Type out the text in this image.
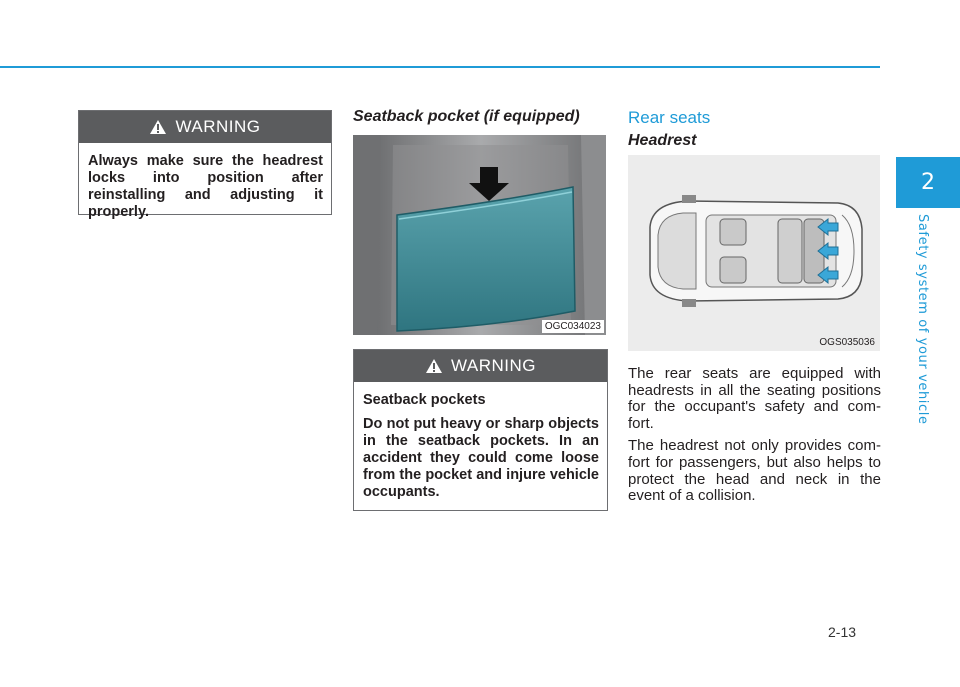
2
Safety system of your vehicle
WARNING

Always make sure the headrest locks into position after reinstalling and adjusting it properly.

Seatback pocket (if equipped)
OGC034023
WARNING

Seatback pockets

Do not put heavy or sharp objects in the seatback pockets. In an accident they could come loose from the pocket and injure vehicle occupants.

Rear seats
Headrest
OGS035036

The rear seats are equipped with headrests in all the seating positions for the occupant's safety and com-fort.

The headrest not only provides com-fort for passengers, but also helps to protect the head and neck in the event of a collision.

2-13
